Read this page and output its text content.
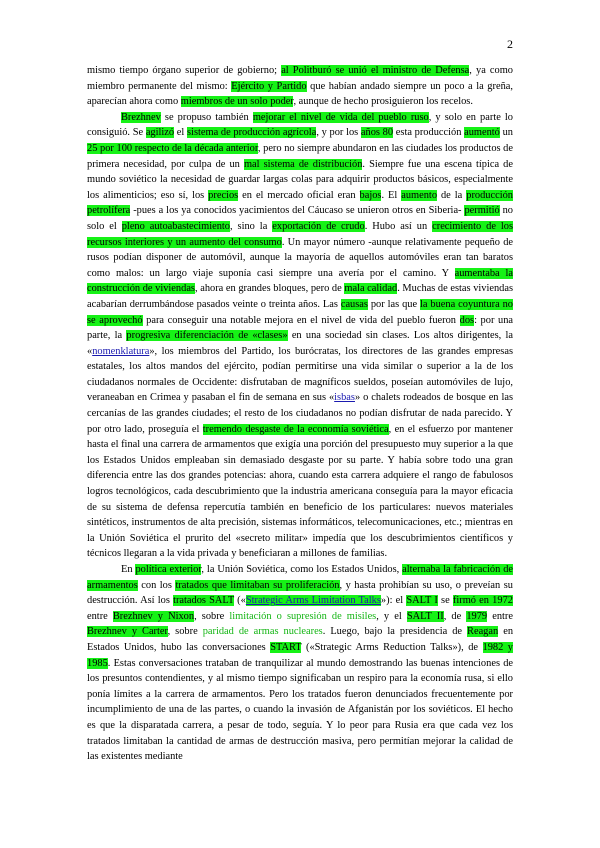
2

mismo tiempo órgano superior de gobierno; al Politburó se unió el ministro de Defensa, ya como miembro permanente del mismo: Ejército y Partido que habían andado siempre un poco a la greña, aparecían ahora como miembros de un solo poder, aunque de hecho prosiguieron los recelos.

Brezhnev se propuso también mejorar el nivel de vida del pueblo ruso, y solo en parte lo consiguió. Se agilizó el sistema de producción agrícola, y por los años 80 esta producción aumentó un 25 por 100 respecto de la década anterior, pero no siempre abundaron en las ciudades los productos de primera necesidad, por culpa de un mal sistema de distribución. Siempre fue una escena típica de mundo soviético la necesidad de guardar largas colas para adquirir productos básicos, especialmente los alimenticios; eso sí, los precios en el mercado oficial eran bajos. El aumento de la producción petrolífera -pues a los ya conocidos yacimientos del Cáucaso se unieron otros en Siberia- permitió no solo el pleno autoabastecimiento, sino la exportación de crudo. Hubo así un crecimiento de los recursos interiores y un aumento del consumo. Un mayor número -aunque relativamente pequeño de rusos podían disponer de automóvil, aunque la mayoría de aquellos automóviles eran tan baratos como malos: un largo viaje suponía casi siempre una avería por el camino. Y aumentaba la construcción de viviendas, ahora en grandes bloques, pero de mala calidad. Muchas de estas viviendas acabarían derrumbándose pasados veinte o treinta años. Las causas por las que la buena coyuntura no se aprovechó para conseguir una notable mejora en el nivel de vida del pueblo fueron dos: por una parte, la progresiva diferenciación de «clases» en una sociedad sin clases. Los altos dirigentes, la «nomenklatura», los miembros del Partido, los burócratas, los directores de las grandes empresas estatales, los altos mandos del ejército, podían permitirse una vida similar o superior a la de los ciudadanos normales de Occidente: disfrutaban de magníficos sueldos, poseían automóviles de lujo, veraneaban en Crimea y pasaban el fin de semana en sus «isbas» o chalets rodeados de bosque en las cercanías de las grandes ciudades; el resto de los ciudadanos no podían disfrutar de nada parecido. Y por otro lado, proseguía el tremendo desgaste de la economía soviética, en el esfuerzo por mantener hasta el final una carrera de armamentos que exigía una porción del presupuesto muy superior a la que los Estados Unidos empleaban sin demasiado desgaste por su parte. Y había sobre todo una gran diferencia entre las dos grandes potencias: ahora, cuando esta carrera adquiere el rango de fabulosos logros tecnológicos, cada descubrimiento que la industria americana conseguía para la mayor eficacia de su sistema de defensa repercutía también en beneficio de los particulares: nuevos materiales sintéticos, instrumentos de alta precisión, sistemas informáticos, telecomunicaciones, etc.; mientras en la Unión Soviética el prurito del «secreto militar» impedía que los descubrimientos científicos y técnicos llegaran a la vida privada y beneficiaran a millones de familias.

En política exterior, la Unión Soviética, como los Estados Unidos, alternaba la fabricación de armamentos con los tratados que limitaban su proliferación, y hasta prohibían su uso, o preveían su destrucción. Así los tratados SALT («Strategic Arms Limitation Talks»): el SALT I se firmó en 1972 entre Brezhnev y Nixon, sobre limitación o supresión de misiles, y el SALT II, de 1979 entre Brezhnev y Carter, sobre paridad de armas nucleares. Luego, bajo la presidencia de Reagan en Estados Unidos, hubo las conversaciones START («Strategic Arms Reduction Talks»), de 1982 y 1985. Estas conversaciones trataban de tranquilizar al mundo demostrando las buenas intenciones de los presuntos contendientes, y al mismo tiempo significaban un respiro para la economía rusa, si ello ponía límites a la carrera de armamentos. Pero los tratados fueron denunciados frecuentemente por incumplimiento de una de las partes, o cuando la invasión de Afganistán por los soviéticos. El hecho es que la disparatada carrera, a pesar de todo, seguía. Y lo peor para Rusia era que cada vez los tratados limitaban la cantidad de armas de destrucción masiva, pero permitían mejorar la calidad de las existentes mediante
